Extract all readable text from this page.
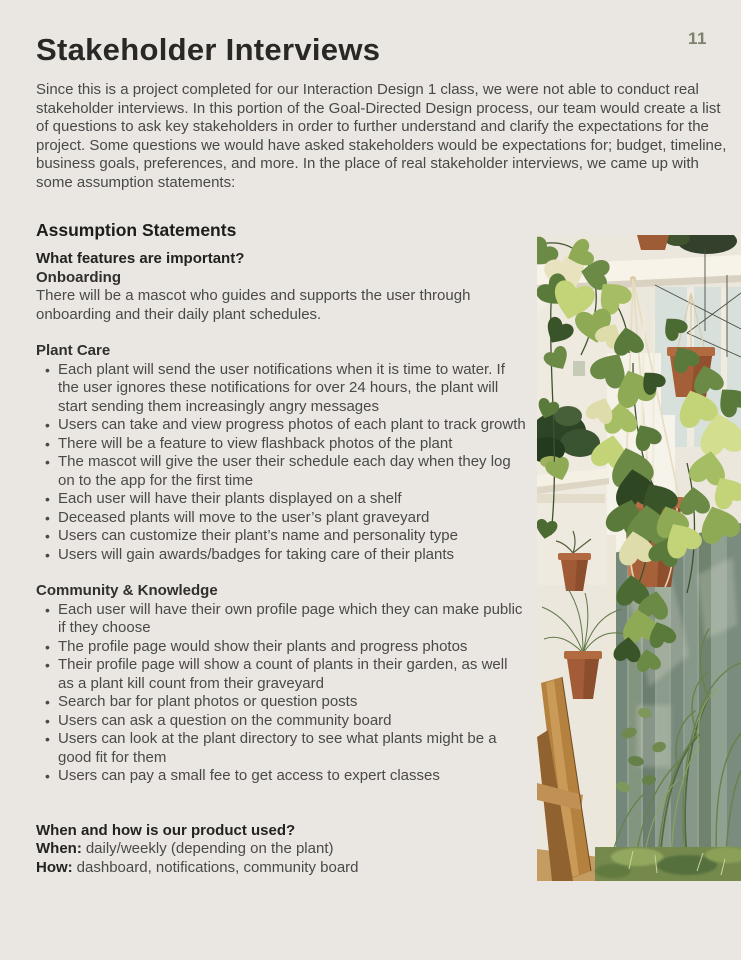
11
Stakeholder Interviews

Since this is a project completed for our Interaction Design 1 class, we were not able to conduct real stakeholder interviews. In this portion of the Goal-Directed Design process, our team would create a list of questions to ask key stakeholders in order to further understand and clarify the expectations for the project. Some questions we would have asked stakeholders would be expectations for; budget, timeline, business goals, preferences, and more. In the place of real stakeholder interviews, we came up with some assumption statements:

Assumption Statements
What features are important?
Onboarding

There will be a mascot who guides and supports the user through onboarding and their daily plant schedules.

Plant Care
• Each plant will send the user notifications when it is time to water. If the user ignores these notifications for over 24 hours, the plant will start sending them increasingly angry messages
• Users can take and view progress photos of each plant to track growth
• There will be a feature to view flashback photos of the plant
• The mascot will give the user their schedule each day when they log on to the app for the first time
• Each user will have their plants displayed on a shelf
• Deceased plants will move to the user’s plant graveyard
• Users can customize their plant’s name and personality type
• Users will gain awards/badges for taking care of their plants
Community & Knowledge
• Each user will have their own profile page which they can make public if they choose
• The profile page would show their plants and progress photos
• Their profile page will show a count of plants in their garden, as well as a plant kill count from their graveyard
• Search bar for plant photos or question posts
• Users can ask a question on the community board
• Users can look at the plant directory to see what plants might be a good fit for them
• Users can pay a small fee to get access to expert classes
When and how is our product used?

When: daily/weekly (depending on the plant)

How: dashboard, notifications, community board
